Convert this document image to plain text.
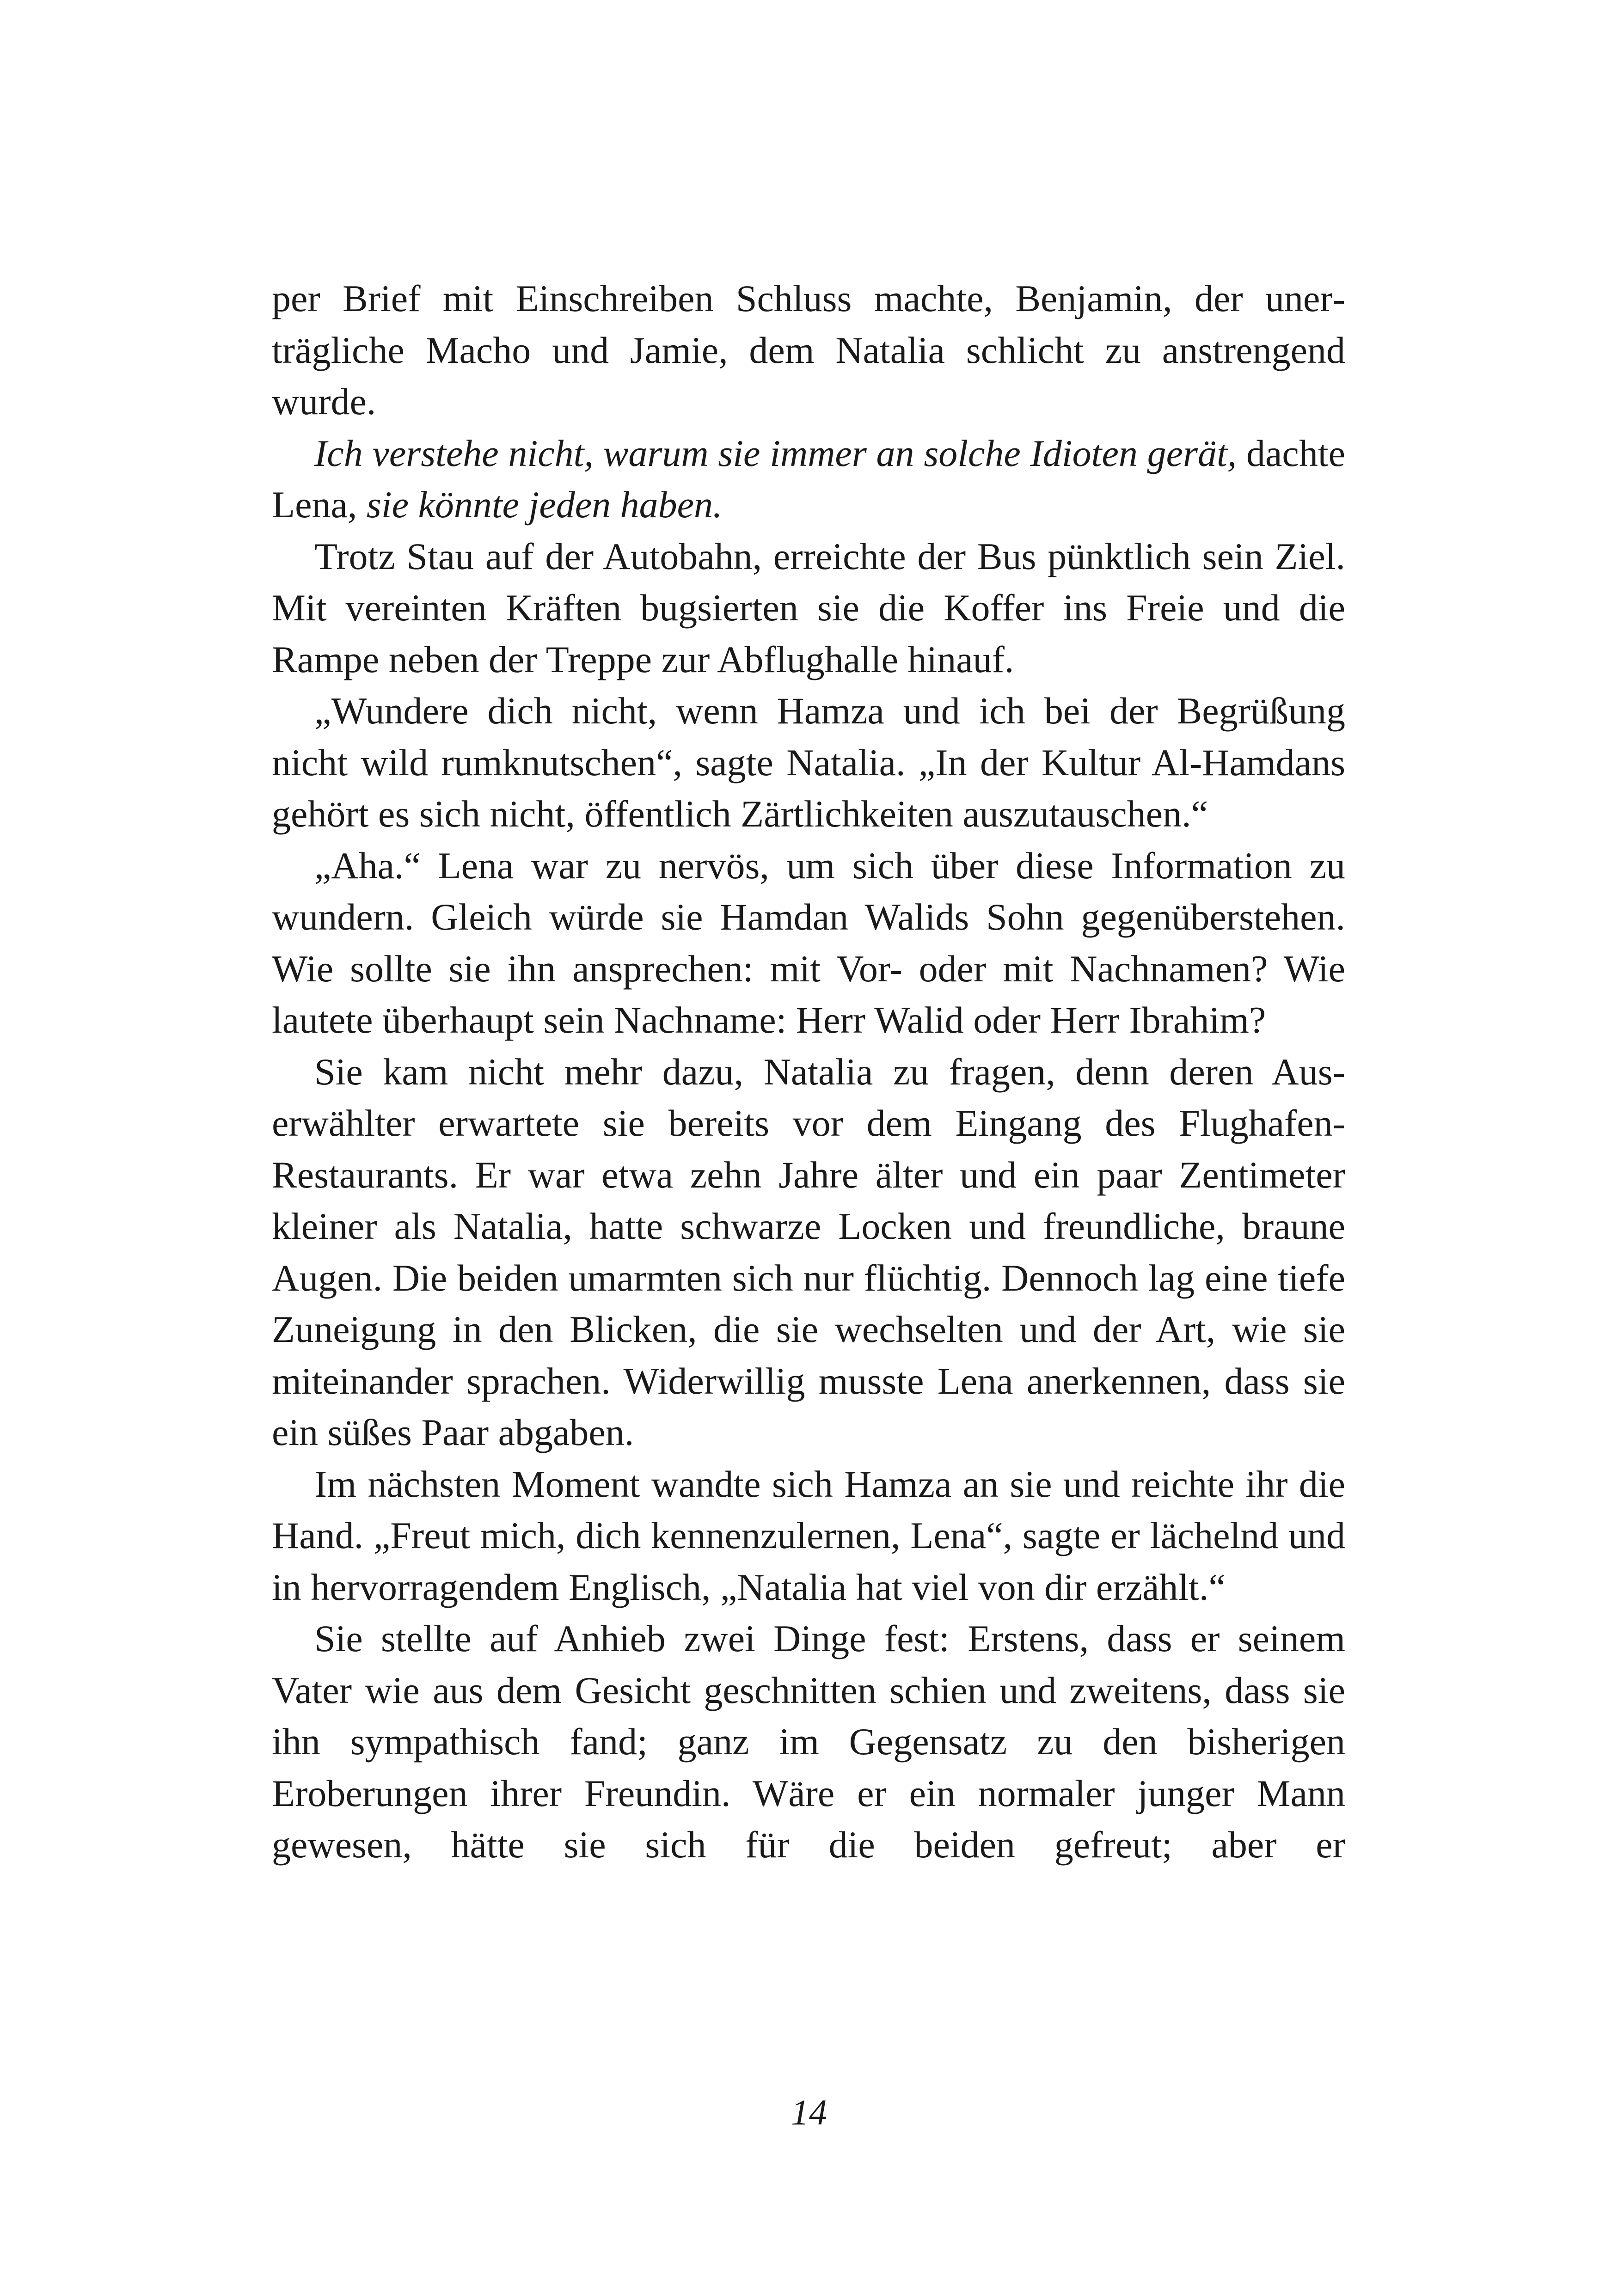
per Brief mit Einschreiben Schluss machte, Benjamin, der unerträgliche Macho und Jamie, dem Natalia schlicht zu anstrengend wurde.

Ich verstehe nicht, warum sie immer an solche Idioten gerät, dachte Lena, sie könnte jeden haben.

Trotz Stau auf der Autobahn, erreichte der Bus pünktlich sein Ziel. Mit vereinten Kräften bugsierten sie die Koffer ins Freie und die Rampe neben der Treppe zur Abflughalle hinauf.

„Wundere dich nicht, wenn Hamza und ich bei der Begrüßung nicht wild rumknutschen“, sagte Natalia. „In der Kultur Al-Hamdans gehört es sich nicht, öffentlich Zärtlichkeiten auszutauschen.“

„Aha.“ Lena war zu nervös, um sich über diese Information zu wundern. Gleich würde sie Hamdan Walids Sohn gegenüberstehen. Wie sollte sie ihn ansprechen: mit Vor- oder mit Nachnamen? Wie lautete überhaupt sein Nachname: Herr Walid oder Herr Ibrahim?

Sie kam nicht mehr dazu, Natalia zu fragen, denn deren Auserwählter erwartete sie bereits vor dem Eingang des Flughafen-Restaurants. Er war etwa zehn Jahre älter und ein paar Zentimeter kleiner als Natalia, hatte schwarze Locken und freundliche, braune Augen. Die beiden umarmten sich nur flüchtig. Dennoch lag eine tiefe Zuneigung in den Blicken, die sie wechselten und der Art, wie sie miteinander sprachen. Widerwillig musste Lena anerkennen, dass sie ein süßes Paar abgaben.

Im nächsten Moment wandte sich Hamza an sie und reichte ihr die Hand. „Freut mich, dich kennenzulernen, Lena“, sagte er lächelnd und in hervorragendem Englisch, „Natalia hat viel von dir erzählt.“

Sie stellte auf Anhieb zwei Dinge fest: Erstens, dass er seinem Vater wie aus dem Gesicht geschnitten schien und zweitens, dass sie ihn sympathisch fand; ganz im Gegensatz zu den bisherigen Eroberungen ihrer Freundin. Wäre er ein normaler junger Mann gewesen, hätte sie sich für die beiden gefreut; aber er

14
